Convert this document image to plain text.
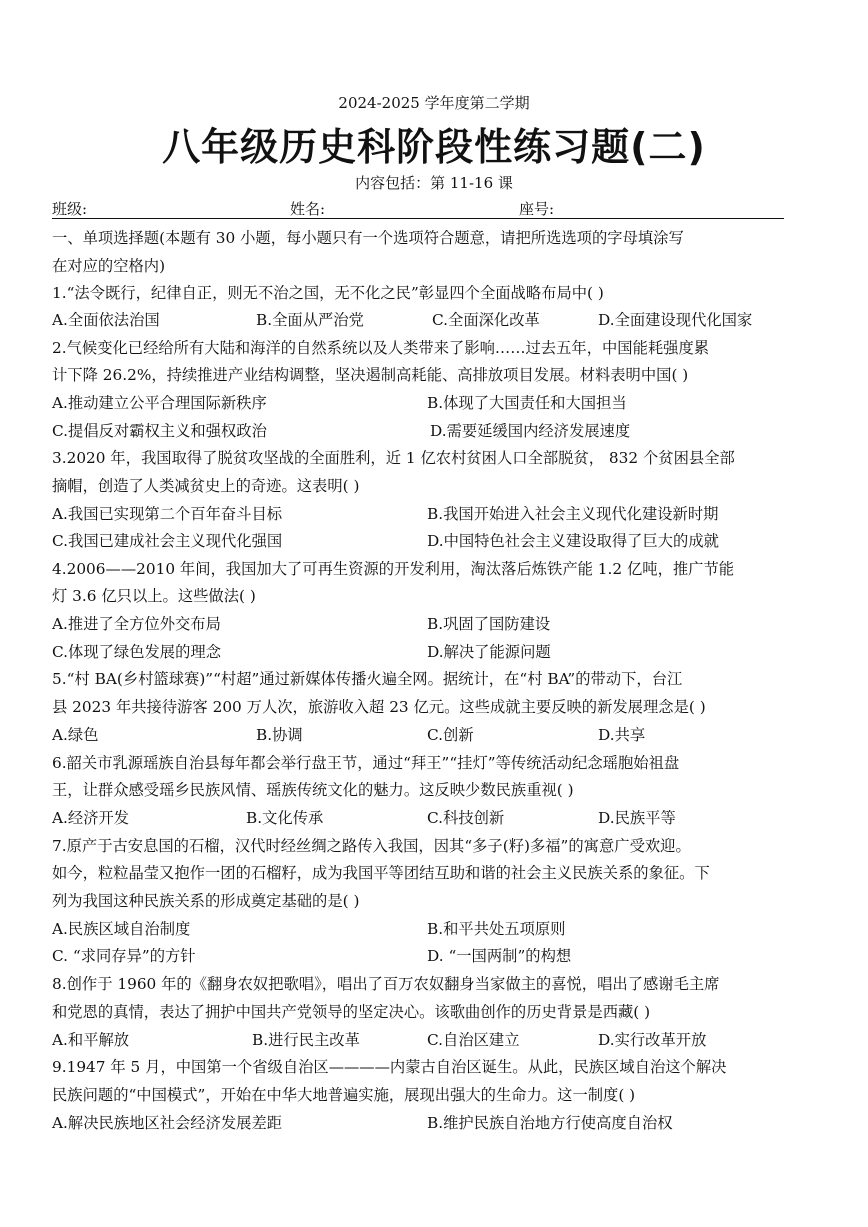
2024-2025 学年度第二学期
八年级历史科阶段性练习题(二)
内容包括：第 11-16 课
班级:	姓名:	座号:
一、单项选择题(本题有 30 小题，每小题只有一个选项符合题意，请把所选选项的字母填涂写
在对应的空格内)
1.“法令既行，纪律自正，则无不治之国，无不化之民”彰显四个全面战略布局中( )
A.全面依法治国	B.全面从严治党	C.全面深化改革	D.全面建设现代化国家
2.气候变化已经给所有大陆和海洋的自然系统以及人类带来了影响……过去五年，中国能耗强度累
计下降 26.2%，持续推进产业结构调整，坚决遏制高耗能、高排放项目发展。材料表明中国( )
A.推动建立公平合理国际新秩序	B.体现了大国责任和大国担当
C.提倡反对霸权主义和强权政治	D.需要延缓国内经济发展速度
3.2020 年，我国取得了脱贫攻坚战的全面胜利，近 1 亿农村贫困人口全部脱贫， 832 个贫困县全部
摘帽，创造了人类减贫史上的奇迹。这表明( )
A.我国已实现第二个百年奋斗目标	B.我国开始进入社会主义现代化建设新时期
C.我国已建成社会主义现代化强国	D.中国特色社会主义建设取得了巨大的成就
4.2006——2010 年间，我国加大了可再生资源的开发利用，淘汰落后炼铁产能 1.2 亿吨，推广节能
灯 3.6 亿只以上。这些做法( )
A.推进了全方位外交布局	B.巩固了国防建设
C.体现了绿色发展的理念	D.解决了能源问题
5.“村 BA(乡村篮球赛)”“村超”通过新媒体传播火遍全网。据统计，在“村 BA”的带动下，台江
县 2023 年共接待游客 200 万人次，旅游收入超 23 亿元。这些成就主要反映的新发展理念是( )
A.绿色	B.协调	C.创新	D.共享
6.韶关市乳源瑶族自治县每年都会举行盘王节，通过“拜王”“挂灯”等传统活动纪念瑶胞始祖盘
王，让群众感受瑶乡民族风情、瑶族传统文化的魅力。这反映少数民族重视( )
A.经济开发	B.文化传承	C.科技创新	D.民族平等
7.原产于古安息国的石榴，汉代时经丝绸之路传入我国，因其“多子(籽)多福”的寓意广受欢迎。
如今，粒粒晶莹又抱作一团的石榴籽，成为我国平等团结互助和谐的社会主义民族关系的象征。下
列为我国这种民族关系的形成奠定基础的是( )
A.民族区域自治制度	B.和平共处五项原则
C. “求同存异”的方针	D. “一国两制”的构想
8.创作于 1960 年的《翻身农奴把歌唱》，唱出了百万农奴翻身当家做主的喜悦，唱出了感谢毛主席
和党恩的真情，表达了拥护中国共产党领导的坚定决心。该歌曲创作的历史背景是西藏( )
A.和平解放	B.进行民主改革	C.自治区建立	D.实行改革开放
9.1947 年 5 月，中国第一个省级自治区————内蒙古自治区诞生。从此，民族区域自治这个解决
民族问题的“中国模式”，开始在中华大地普遍实施，展现出强大的生命力。这一制度( )
A.解决民族地区社会经济发展差距	B.维护民族自治地方行使高度自治权
